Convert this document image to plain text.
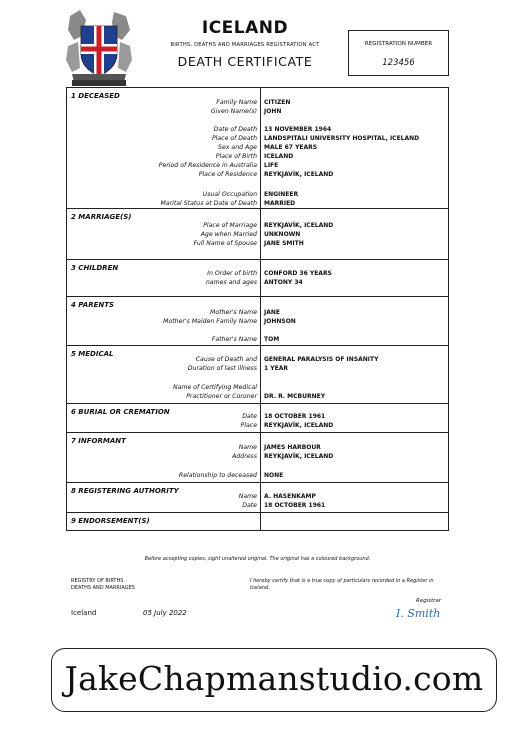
ICELAND
BIRTHS, DEATHS AND MARRIAGES REGISTRATION ACT
DEATH CERTIFICATE
REGISTRATION NUMBER
123456
1 DECEASED
Family Name CITIZEN
Given Name(s) JOHN
Date of Death 13 NOVEMBER 1964
Place of Death LANDSPITALI UNIVERSITY HOSPITAL, ICELAND
Sex and Age MALE 67 YEARS
Place of Birth ICELAND
Period of Residence in Australia LIFE
Place of Residence REYKJAVÍK, ICELAND
Usual Occupation ENGINEER
Marital Status at Date of Death MARRIED
2 MARRIAGE(S)
Place of Marriage REYKJAVÍK, ICELAND
Age when Married UNKNOWN
Full Name of Spouse JANE SMITH
3 CHILDREN
In Order of birth CONFORD 36 YEARS
names and ages ANTONY 34
4 PARENTS
Mother's Name JANE
Mother's Maiden Family Name JOHNSON
Father's Name TOM
5 MEDICAL
Cause of Death and GENERAL PARALYSIS OF INSANITY
Duration of last illness 1 YEAR
Name of Certifying Medical
Practitioner or Coroner DR. R. MCBURNEY
6 BURIAL OR CREMATION
Date 18 OCTOBER 1961
Place REYKJAVÍK, ICELAND
7 INFORMANT
Name JAMES HARBOUR
Address REYKJAVÍK, ICELAND
Relationship to deceased NONE
8 REGISTERING AUTHORITY
Name A. HASENKAMP
Date 18 OCTOBER 1961
9 ENDORSEMENT(S)
Before accepting copies, sight unaltered original. The original has a coloured background.
REGISTRY OF BIRTHS
DEATHS AND MARRIAGES
I hereby certify that is a true copy of particulars recorded in a Register in Iceland.
Iceland	05 July 2022
Registrar
I. Smith
JakeChapmanstudio.com
